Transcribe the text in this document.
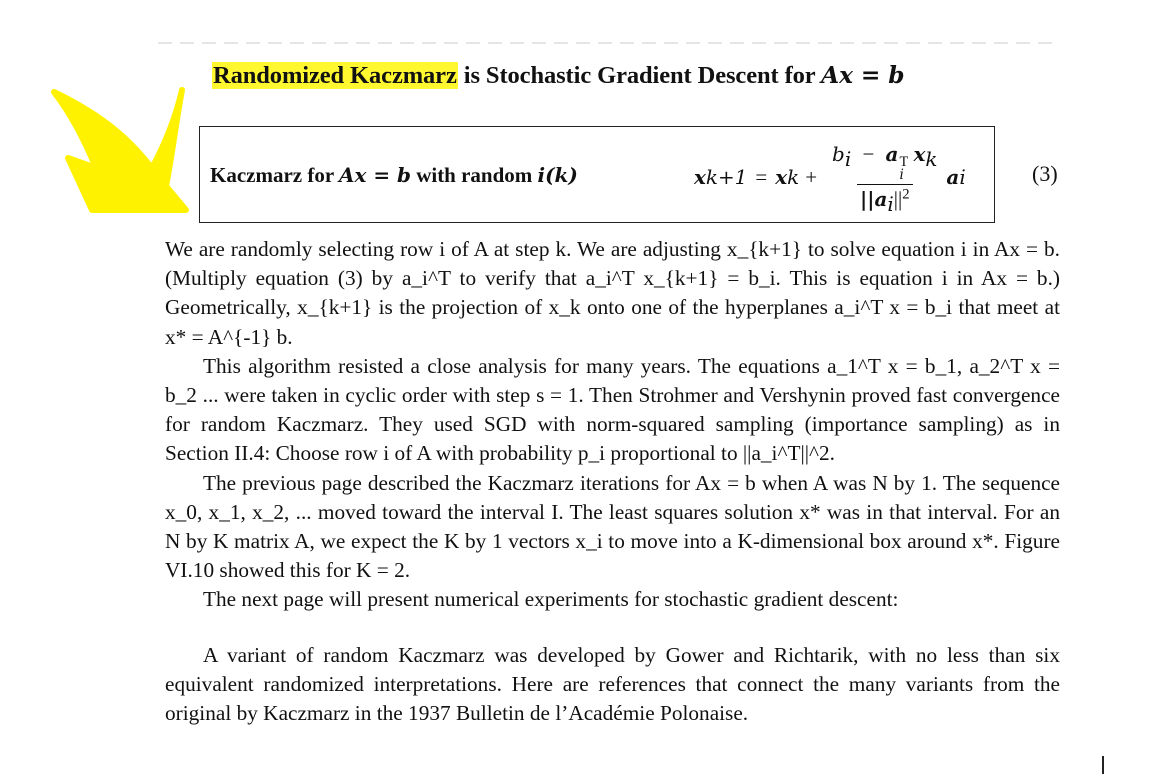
Randomized Kaczmarz is Stochastic Gradient Descent for Ax = b
Kaczmarz for Ax = b with random i(k)	x k+1 = x $k + b_i - a$ T
i
$x_k$
$||a_i||^2$ a i	(3)

We are randomly selecting row i of A at step k. We are adjusting x_{k+1} to solve equation i in Ax = b. (Multiply equation (3) by a_i^T to verify that a_i^T x_{k+1} = b_i. This is equation i in Ax = b.) Geometrically, x_{k+1} is the projection of x_k onto one of the hyperplanes a_i^T x = b_i that meet at x* = A^{-1} b.

This algorithm resisted a close analysis for many years. The equations a_1^T x = b_1, a_2^T x = b_2 ... were taken in cyclic order with step s = 1. Then Strohmer and Vershynin proved fast convergence for random Kaczmarz. They used SGD with norm-squared sampling (importance sampling) as in Section II.4: Choose row i of A with probability p_i proportional to ||a_i^T||^2.

The previous page described the Kaczmarz iterations for Ax = b when A was N by 1. The sequence x_0, x_1, x_2, ... moved toward the interval I. The least squares solution x* was in that interval. For an N by K matrix A, we expect the K by 1 vectors x_i to move into a K-dimensional box around x*. Figure VI.10 showed this for K = 2.

The next page will present numerical experiments for stochastic gradient descent:

A variant of random Kaczmarz was developed by Gower and Richtarik, with no less than six equivalent randomized interpretations. Here are references that connect the many variants from the original by Kaczmarz in the 1937 Bulletin de l’Académie Polonaise.
